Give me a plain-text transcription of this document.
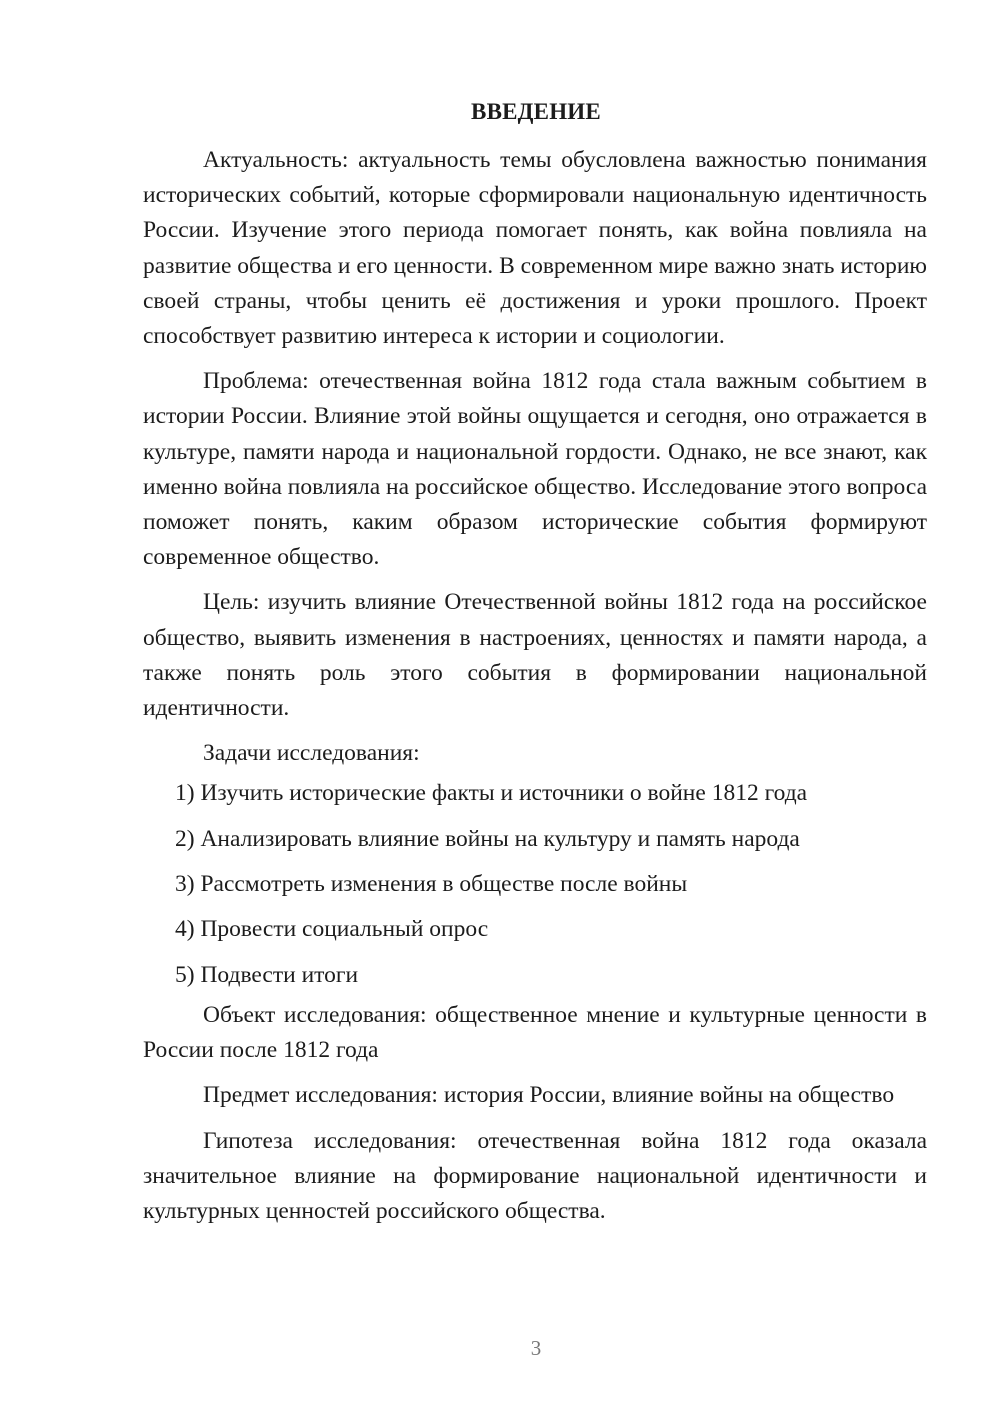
ВВЕДЕНИЕ

Актуальность: актуальность темы обусловлена важностью понимания исторических событий, которые сформировали национальную идентичность России. Изучение этого периода помогает понять, как война повлияла на развитие общества и его ценности. В современном мире важно знать историю своей страны, чтобы ценить её достижения и уроки прошлого. Проект способствует развитию интереса к истории и социологии.

Проблема: отечественная война 1812 года стала важным событием в истории России. Влияние этой войны ощущается и сегодня, оно отражается в культуре, памяти народа и национальной гордости. Однако, не все знают, как именно война повлияла на российское общество. Исследование этого вопроса поможет понять, каким образом исторические события формируют современное общество.

Цель: изучить влияние Отечественной войны 1812 года на российское общество, выявить изменения в настроениях, ценностях и памяти народа, а также понять роль этого события в формировании национальной идентичности.

Задачи исследования:

1) Изучить исторические факты и источники о войне 1812 года
2) Анализировать влияние войны на культуру и память народа
3) Рассмотреть изменения в обществе после войны
4) Провести социальный опрос
5) Подвести итоги

Объект исследования: общественное мнение и культурные ценности в России после 1812 года

Предмет исследования: история России, влияние войны на общество

Гипотеза исследования: отечественная война 1812 года оказала значительное влияние на формирование национальной идентичности и культурных ценностей российского общества.

3
